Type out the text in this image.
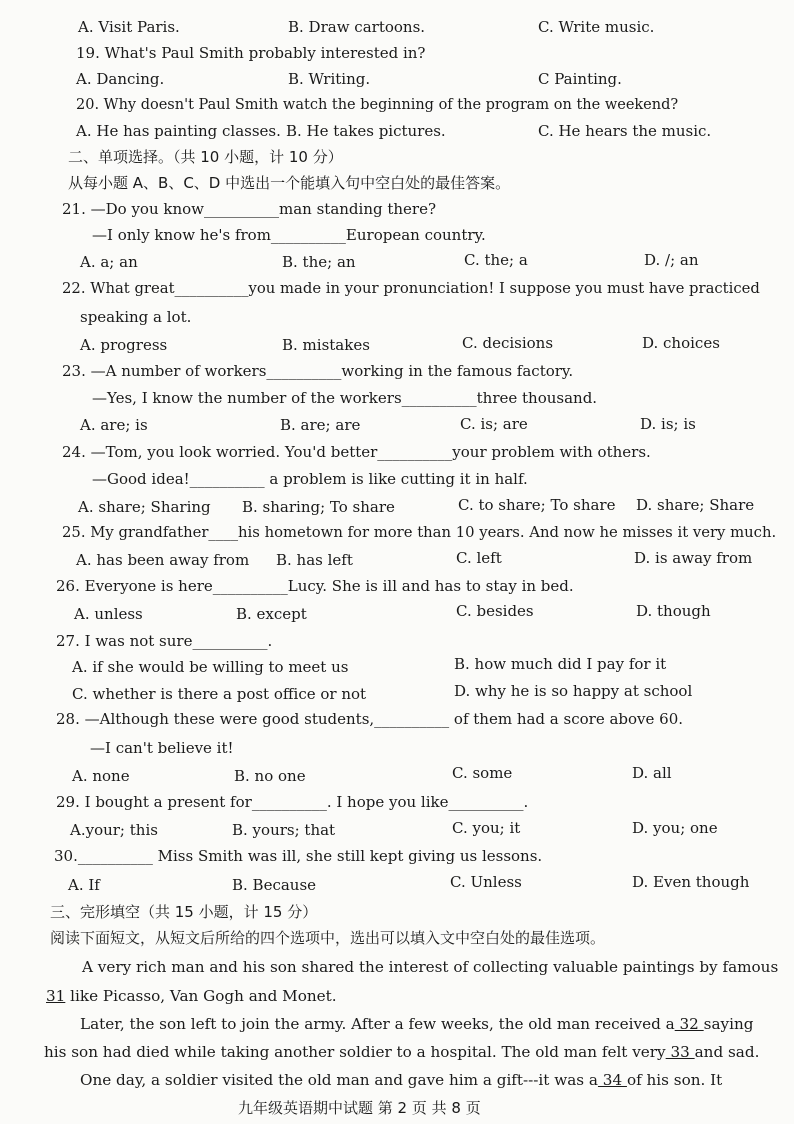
A. Visit Paris.	B. Draw cartoons.	C. Write music.
19. What's Paul Smith probably interested in?
A. Dancing.	B. Writing.	C Painting.
20. Why doesn't Paul Smith watch the beginning of the program on the weekend?
A. He has painting classes. B. He takes pictures.	C. He hears the music.
二、单项选择。（共 10 小题，计 10 分）
从每小题 A、B、C、D 中选出一个能填入句中空白处的最佳答案。
21. —Do you know__________man standing there?
—I only know he's from__________European country.
A. a; an	B. the; an	C. the; a	D. /; an
22. What great__________you made in your pronunciation! I suppose you must have practiced
speaking a lot.
A. progress	B. mistakes	C. decisions	D. choices
23. —A number of workers__________working in the famous factory.
—Yes, I know the number of the workers__________three thousand.
A. are; is	B. are; are	C. is; are	D. is; is
24. —Tom, you look worried. You'd better__________your problem with others.
—Good idea!__________ a problem is like cutting it in half.
A. share; Sharing B. sharing; To share	C. to share; To share D. share; Share
25. My grandfather____his hometown for more than 10 years. And now he misses it very much.
A. has been away from B. has left	C. left	D. is away from
26. Everyone is here__________Lucy. She is ill and has to stay in bed.
A. unless	B. except	C. besides	D. though
27. I was not sure__________.
A. if she would be willing to meet us	B. how much did I pay for it
C. whether is there a post office or not	D. why he is so happy at school
28. —Although these were good students,__________ of them had a score above 60.
—I can't believe it!
A. none	B. no one	C. some	D. all
29. I bought a present for__________. I hope you like__________.
A.your; this	B. yours; that	C. you; it	D. you; one
30.__________ Miss Smith was ill, she still kept giving us lessons.
A. If	B. Because	C. Unless	D. Even though
三、完形填空（共 15 小题，计 15 分）
阅读下面短文，从短文后所给的四个选项中，选出可以填入文中空白处的最佳选项。
A very rich man and his son shared the interest of collecting valuable paintings by famous
31 like Picasso, Van Gogh and Monet.
Later, the son left to join the army. After a few weeks, the old man received a 32 saying
his son had died while taking another soldier to a hospital. The old man felt very 33 and sad.
One day, a soldier visited the old man and gave him a gift---it was a 34 of his son. It
九年级英语期中试题 第 2 页 共 8 页
